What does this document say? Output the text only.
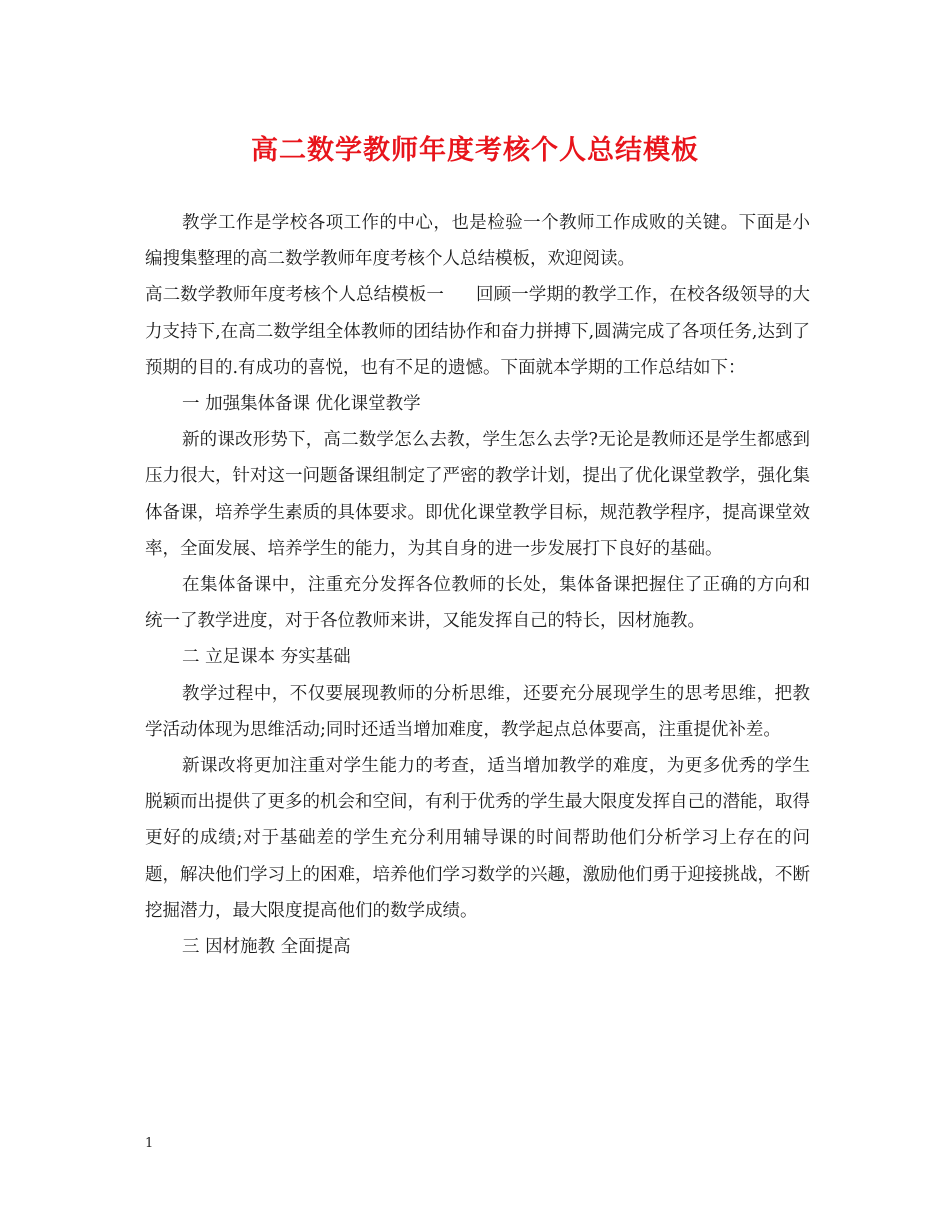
高二数学教师年度考核个人总结模板

教学工作是学校各项工作的中心，也是检验一个教师工作成败的关键。下面是小编搜集整理的高二数学教师年度考核个人总结模板，欢迎阅读。

高二数学教师年度考核个人总结模板一 回顾一学期的教学工作，在校各级领导的大力支持下,在高二数学组全体教师的团结协作和奋力拼搏下,圆满完成了各项任务,达到了预期的目的.有成功的喜悦，也有不足的遗憾。下面就本学期的工作总结如下：

一 加强集体备课 优化课堂教学

新的课改形势下，高二数学怎么去教，学生怎么去学?无论是教师还是学生都感到压力很大，针对这一问题备课组制定了严密的教学计划，提出了优化课堂教学，强化集体备课，培养学生素质的具体要求。即优化课堂教学目标，规范教学程序，提高课堂效率，全面发展、培养学生的能力，为其自身的进一步发展打下良好的基础。

在集体备课中，注重充分发挥各位教师的长处，集体备课把握住了正确的方向和统一了教学进度，对于各位教师来讲，又能发挥自己的特长，因材施教。

二 立足课本 夯实基础

教学过程中，不仅要展现教师的分析思维，还要充分展现学生的思考思维，把教学活动体现为思维活动;同时还适当增加难度，教学起点总体要高，注重提优补差。

新课改将更加注重对学生能力的考查，适当增加教学的难度，为更多优秀的学生脱颖而出提供了更多的机会和空间，有利于优秀的学生最大限度发挥自己的潜能，取得更好的成绩;对于基础差的学生充分利用辅导课的时间帮助他们分析学习上存在的问题，解决他们学习上的困难，培养他们学习数学的兴趣，激励他们勇于迎接挑战，不断挖掘潜力，最大限度提高他们的数学成绩。

三 因材施教 全面提高

1
